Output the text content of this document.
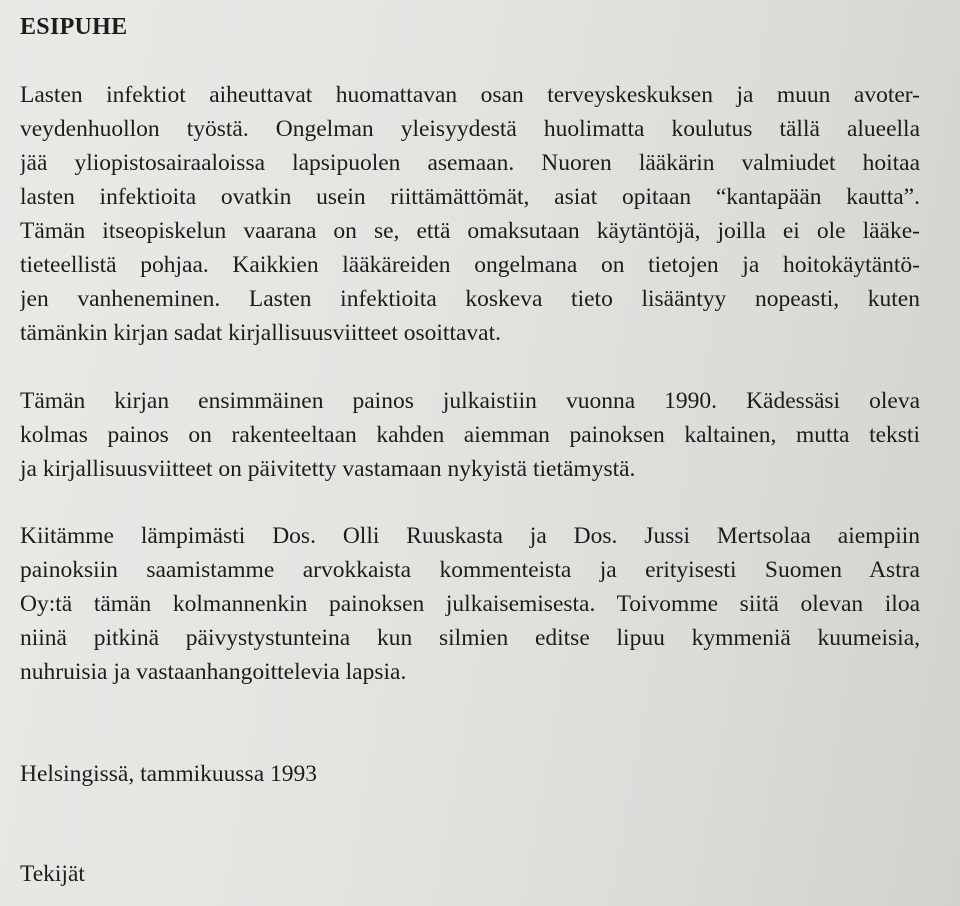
ESIPUHE
Lasten infektiot aiheuttavat huomattavan osan terveyskeskuksen ja muun avoter-
veydenhuollon työstä. Ongelman yleisyydestä huolimatta koulutus tällä alueella
jää yliopistosairaaloissa lapsipuolen asemaan. Nuoren lääkärin valmiudet hoitaa
lasten infektioita ovatkin usein riittämättömät, asiat opitaan “kantapään kautta”.
Tämän itseopiskelun vaarana on se, että omaksutaan käytäntöjä, joilla ei ole lääke-
tieteellistä pohjaa. Kaikkien lääkäreiden ongelmana on tietojen ja hoitokäytäntö-
jen vanheneminen. Lasten infektioita koskeva tieto lisääntyy nopeasti, kuten
tämänkin kirjan sadat kirjallisuusviitteet osoittavat.
Tämän kirjan ensimmäinen painos julkaistiin vuonna 1990. Kädessäsi oleva
kolmas painos on rakenteeltaan kahden aiemman painoksen kaltainen, mutta teksti
ja kirjallisuusviitteet on päivitetty vastamaan nykyistä tietämystä.
Kiitämme lämpimästi Dos. Olli Ruuskasta ja Dos. Jussi Mertsolaa aiempiin
painoksiin saamistamme arvokkaista kommenteista ja erityisesti Suomen Astra
Oy:tä tämän kolmannenkin painoksen julkaisemisesta. Toivomme siitä olevan iloa
niinä pitkinä päivystystunteina kun silmien editse lipuu kymmeniä kuumeisia,
nuhruisia ja vastaanhangoittelevia lapsia.
Helsingissä, tammikuussa 1993
Tekijät
